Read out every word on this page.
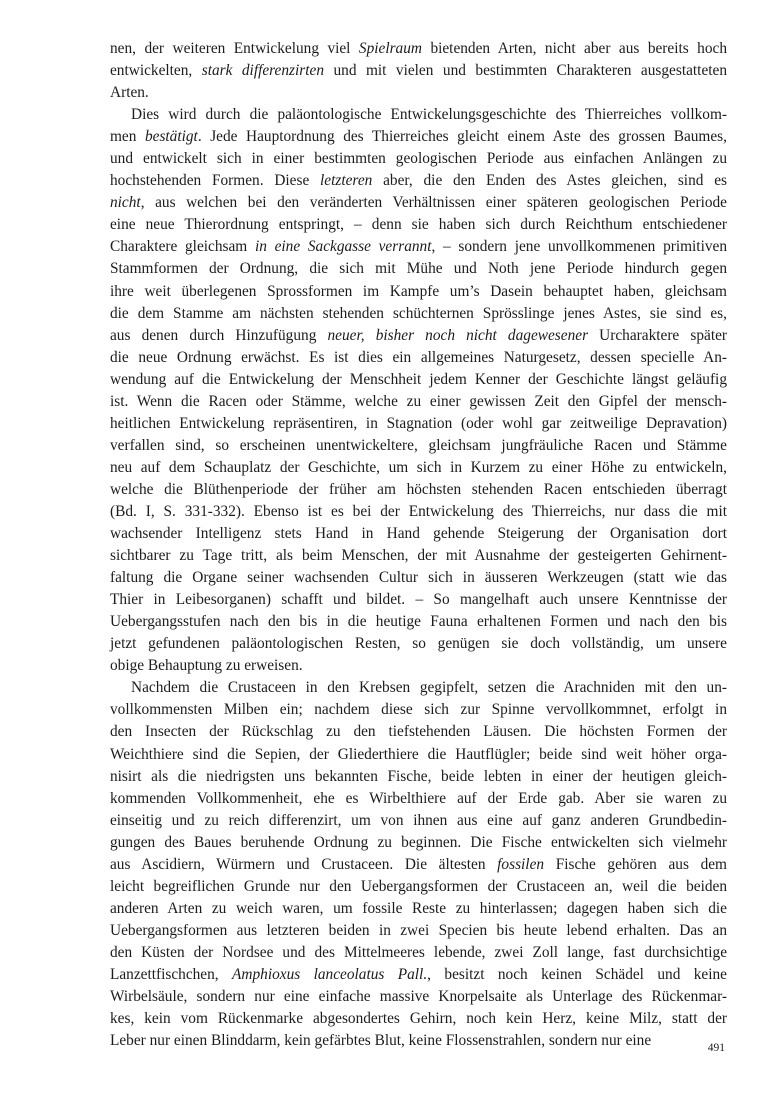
nen, der weiteren Entwickelung viel Spielraum bietenden Arten, nicht aber aus bereits hoch
entwickelten, stark differenzirten und mit vielen und bestimmten Charakteren ausgestatteten
Arten.
Dies wird durch die paläontologische Entwickelungsgeschichte des Thierreiches vollkom-
men bestätigt. Jede Hauptordnung des Thierreiches gleicht einem Aste des grossen Baumes,
und entwickelt sich in einer bestimmten geologischen Periode aus einfachen Anlängen zu
hochstehenden Formen. Diese letzteren aber, die den Enden des Astes gleichen, sind es
nicht, aus welchen bei den veränderten Verhältnissen einer späteren geologischen Periode
eine neue Thierordnung entspringt, – denn sie haben sich durch Reichthum entschiedener
Charaktere gleichsam in eine Sackgasse verrannt, – sondern jene unvollkommenen primitiven
Stammformen der Ordnung, die sich mit Mühe und Noth jene Periode hindurch gegen
ihre weit überlegenen Sprossformen im Kampfe um’s Dasein behauptet haben, gleichsam
die dem Stamme am nächsten stehenden schüchternen Sprösslinge jenes Astes, sie sind es,
aus denen durch Hinzufügung neuer, bisher noch nicht dagewesener Urcharaktere später
die neue Ordnung erwächst. Es ist dies ein allgemeines Naturgesetz, dessen specielle An-
wendung auf die Entwickelung der Menschheit jedem Kenner der Geschichte längst geläufig
ist. Wenn die Racen oder Stämme, welche zu einer gewissen Zeit den Gipfel der mensch-
heitlichen Entwickelung repräsentiren, in Stagnation (oder wohl gar zeitweilige Depravation)
verfallen sind, so erscheinen unentwickeltere, gleichsam jungfräuliche Racen und Stämme
neu auf dem Schauplatz der Geschichte, um sich in Kurzem zu einer Höhe zu entwickeln,
welche die Blüthenperiode der früher am höchsten stehenden Racen entschieden überragt
(Bd. I, S. 331-332). Ebenso ist es bei der Entwickelung des Thierreichs, nur dass die mit
wachsender Intelligenz stets Hand in Hand gehende Steigerung der Organisation dort
sichtbarer zu Tage tritt, als beim Menschen, der mit Ausnahme der gesteigerten Gehirnent-
faltung die Organe seiner wachsenden Cultur sich in äusseren Werkzeugen (statt wie das
Thier in Leibesorganen) schafft und bildet. – So mangelhaft auch unsere Kenntnisse der
Uebergangsstufen nach den bis in die heutige Fauna erhaltenen Formen und nach den bis
jetzt gefundenen paläontologischen Resten, so genügen sie doch vollständig, um unsere
obige Behauptung zu erweisen.
Nachdem die Crustaceen in den Krebsen gegipfelt, setzen die Arachniden mit den un-
vollkommensten Milben ein; nachdem diese sich zur Spinne vervollkommnet, erfolgt in
den Insecten der Rückschlag zu den tiefstehenden Läusen. Die höchsten Formen der
Weichthiere sind die Sepien, der Gliederthiere die Hautflügler; beide sind weit höher orga-
nisirt als die niedrigsten uns bekannten Fische, beide lebten in einer der heutigen gleich-
kommenden Vollkommenheit, ehe es Wirbelthiere auf der Erde gab. Aber sie waren zu
einseitig und zu reich differenzirt, um von ihnen aus eine auf ganz anderen Grundbedin-
gungen des Baues beruhende Ordnung zu beginnen. Die Fische entwickelten sich vielmehr
aus Ascidiern, Würmern und Crustaceen. Die ältesten fossilen Fische gehören aus dem
leicht begreiflichen Grunde nur den Uebergangsformen der Crustaceen an, weil die beiden
anderen Arten zu weich waren, um fossile Reste zu hinterlassen; dagegen haben sich die
Uebergangsformen aus letzteren beiden in zwei Specien bis heute lebend erhalten. Das an
den Küsten der Nordsee und des Mittelmeeres lebende, zwei Zoll lange, fast durchsichtige
Lanzettfischchen, Amphioxus lanceolatus Pall., besitzt noch keinen Schädel und keine
Wirbelsäule, sondern nur eine einfache massive Knorpelsaite als Unterlage des Rückenmar-
kes, kein vom Rückenmarke abgesondertes Gehirn, noch kein Herz, keine Milz, statt der
Leber nur einen Blinddarm, kein gefärbtes Blut, keine Flossenstrahlen, sondern nur eine	491
